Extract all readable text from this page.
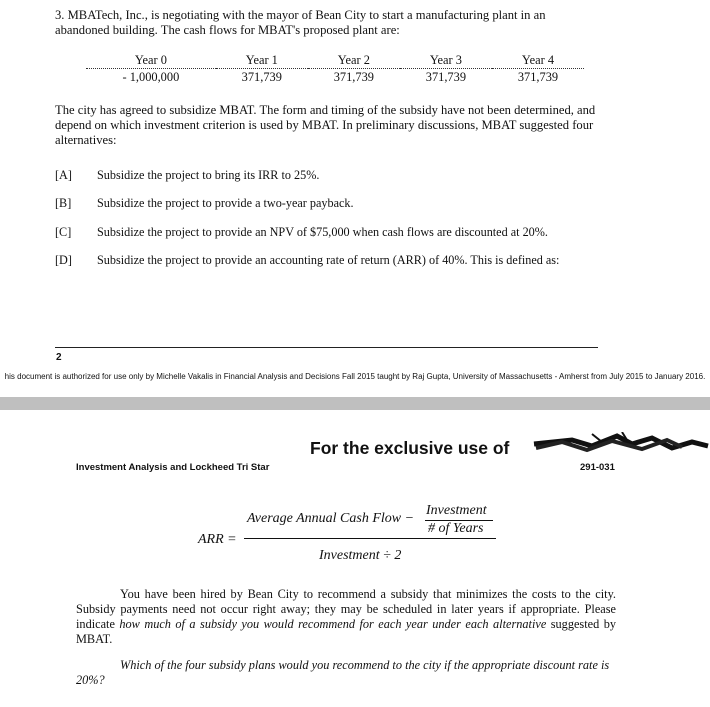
3. MBATech, Inc., is negotiating with the mayor of Bean City to start a manufacturing plant in an abandoned building. The cash flows for MBAT's proposed plant are:
Year 0	Year 1	Year 2	Year 3	Year 4
- 1,000,000	371,739	371,739	371,739	371,739
The city has agreed to subsidize MBAT. The form and timing of the subsidy have not been determined, and depend on which investment criterion is used by MBAT. In preliminary discussions, MBAT suggested four alternatives:
[A] Subsidize the project to bring its IRR to 25%.
[B] Subsidize the project to provide a two-year payback.
[C] Subsidize the project to provide an NPV of $75,000 when cash flows are discounted at 20%.
[D] Subsidize the project to provide an accounting rate of return (ARR) of 40%. This is defined as:
2
his document is authorized for use only by Michelle Vakalis in Financial Analysis and Decisions Fall 2015 taught by Raj Gupta, University of Massachusetts - Amherst from July 2015 to January 2016.
For the exclusive use of
Investment Analysis and Lockheed Tri Star	291-031
ARR =
Average Annual Cash Flow −
Investment
# of Years
Investment ÷ 2
You have been hired by Bean City to recommend a subsidy that minimizes the costs to the city. Subsidy payments need not occur right away; they may be scheduled in later years if appropriate. Please indicate how much of a subsidy you would recommend for each year under each alternative suggested by MBAT.
Which of the four subsidy plans would you recommend to the city if the appropriate discount rate is 20%?
